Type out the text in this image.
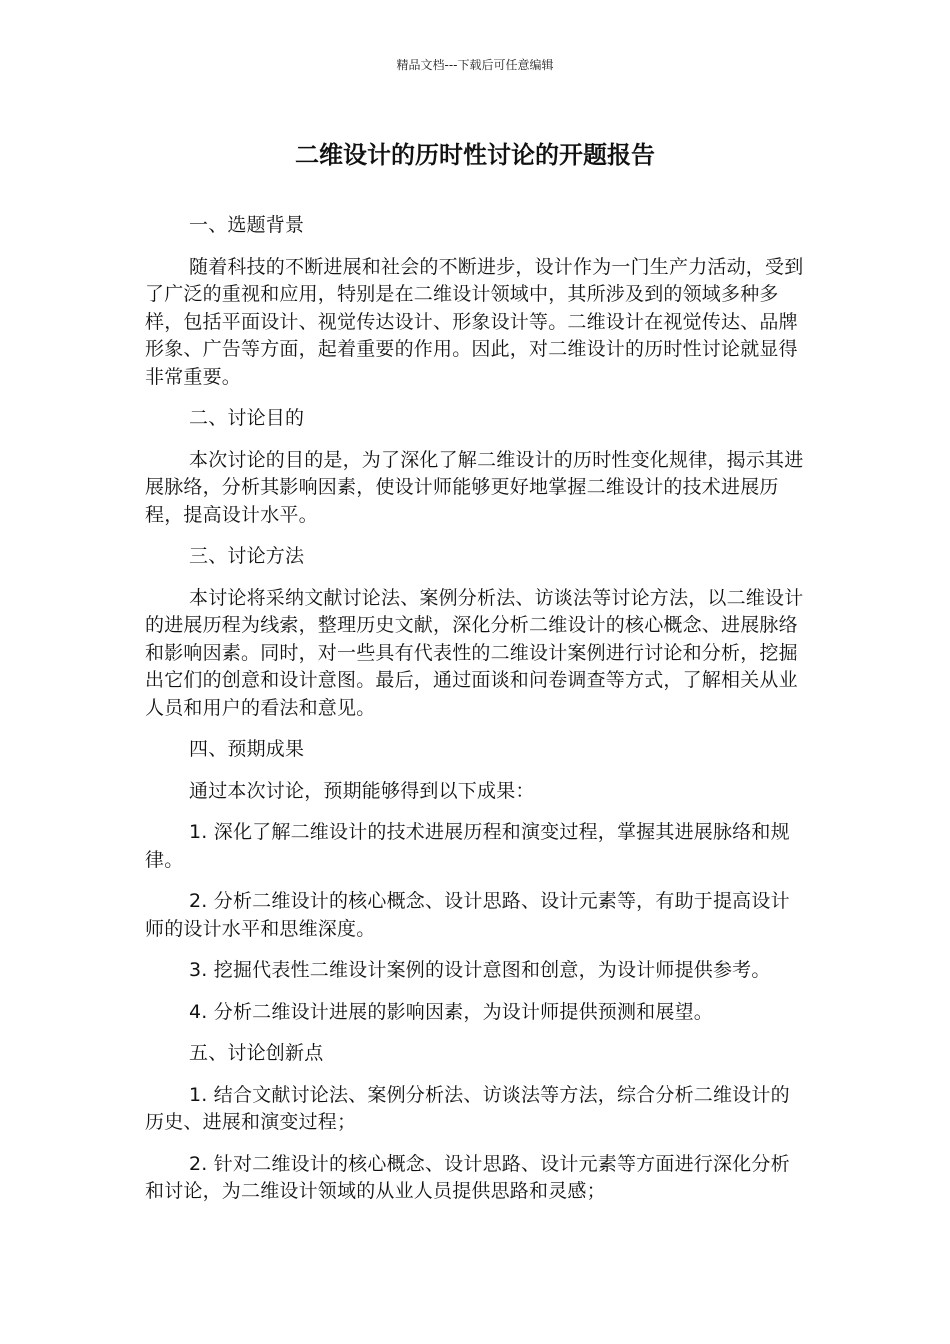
精品文档---下载后可任意编辑
二维设计的历时性讨论的开题报告

一、选题背景

随着科技的不断进展和社会的不断进步，设计作为一门生产力活动，受到了广泛的重视和应用，特别是在二维设计领域中，其所涉及到的领域多种多样，包括平面设计、视觉传达设计、形象设计等。二维设计在视觉传达、品牌形象、广告等方面，起着重要的作用。因此，对二维设计的历时性讨论就显得非常重要。

二、讨论目的

本次讨论的目的是，为了深化了解二维设计的历时性变化规律，揭示其进展脉络，分析其影响因素，使设计师能够更好地掌握二维设计的技术进展历程，提高设计水平。

三、讨论方法

本讨论将采纳文献讨论法、案例分析法、访谈法等讨论方法，以二维设计的进展历程为线索，整理历史文献，深化分析二维设计的核心概念、进展脉络和影响因素。同时，对一些具有代表性的二维设计案例进行讨论和分析，挖掘出它们的创意和设计意图。最后，通过面谈和问卷调查等方式，了解相关从业人员和用户的看法和意见。

四、预期成果

通过本次讨论，预期能够得到以下成果：

1. 深化了解二维设计的技术进展历程和演变过程，掌握其进展脉络和规律。

2. 分析二维设计的核心概念、设计思路、设计元素等，有助于提高设计师的设计水平和思维深度。

3. 挖掘代表性二维设计案例的设计意图和创意，为设计师提供参考。

4. 分析二维设计进展的影响因素，为设计师提供预测和展望。

五、讨论创新点

1. 结合文献讨论法、案例分析法、访谈法等方法，综合分析二维设计的历史、进展和演变过程；

2. 针对二维设计的核心概念、设计思路、设计元素等方面进行深化分析和讨论，为二维设计领域的从业人员提供思路和灵感；
